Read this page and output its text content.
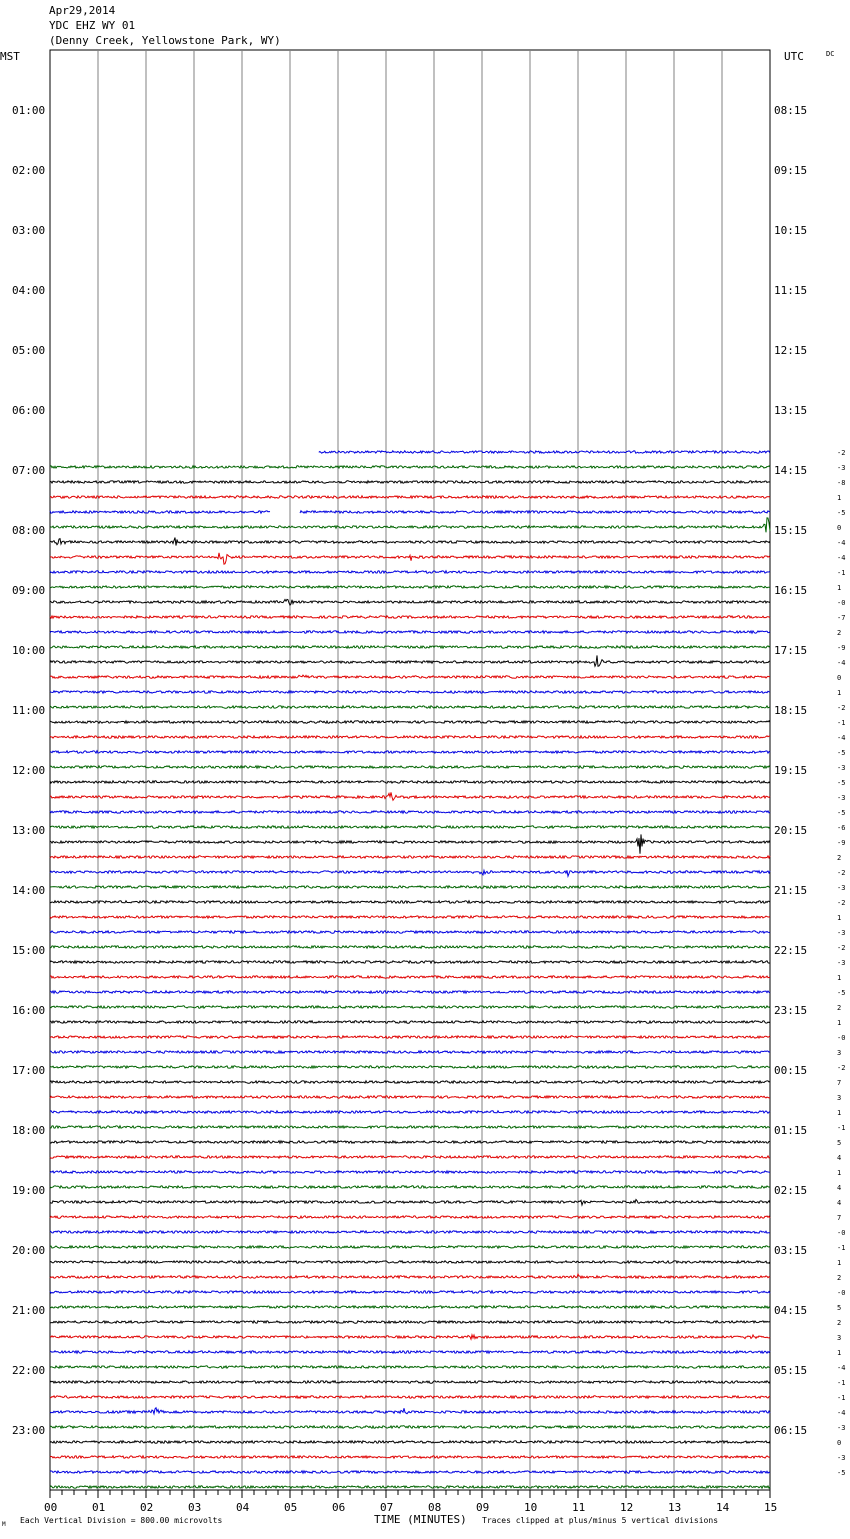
Apr29,2014
YDC EHZ WY 01
(Denny Creek, Yellowstone Park, WY)
MST	UTC	DC
01:00
02:00
03:00
04:00
05:00
06:00
07:00
08:00
09:00
10:00
11:00
12:00
13:00
14:00
15:00
16:00
17:00
18:00
19:00
20:00
21:00
22:00
23:00
08:15
09:15
10:15
11:15
12:15
13:15
14:15
15:15
16:15
17:15
18:15
19:15
20:15
21:15
22:15
23:15
00:15
01:15
02:15
03:15
04:15
05:15
06:15
-2
-3
-8
1
-5
0
-4
-4
-1
1
-0
-7
2
-9
-4
0
1
-2
-1
-4
-5
-3
-5
-3
-5
-6
-9
2
-2
-3
-2
1
-3
-2
-3
1
-5
2
1
-0
3
-2
7
3
1
-1
5
4
1
4
4
7
-0
-1
1
2
-0
5
2
3
1
-4
-1
-1
-4
-3
0
-3
-5
00	01	02	03	04	05	06	07	08	09	10	11	12	13	14	15
M Each Vertical Division = 800.00 microvolts	TIME (MINUTES) Traces clipped at plus/minus 5 vertical divisions
